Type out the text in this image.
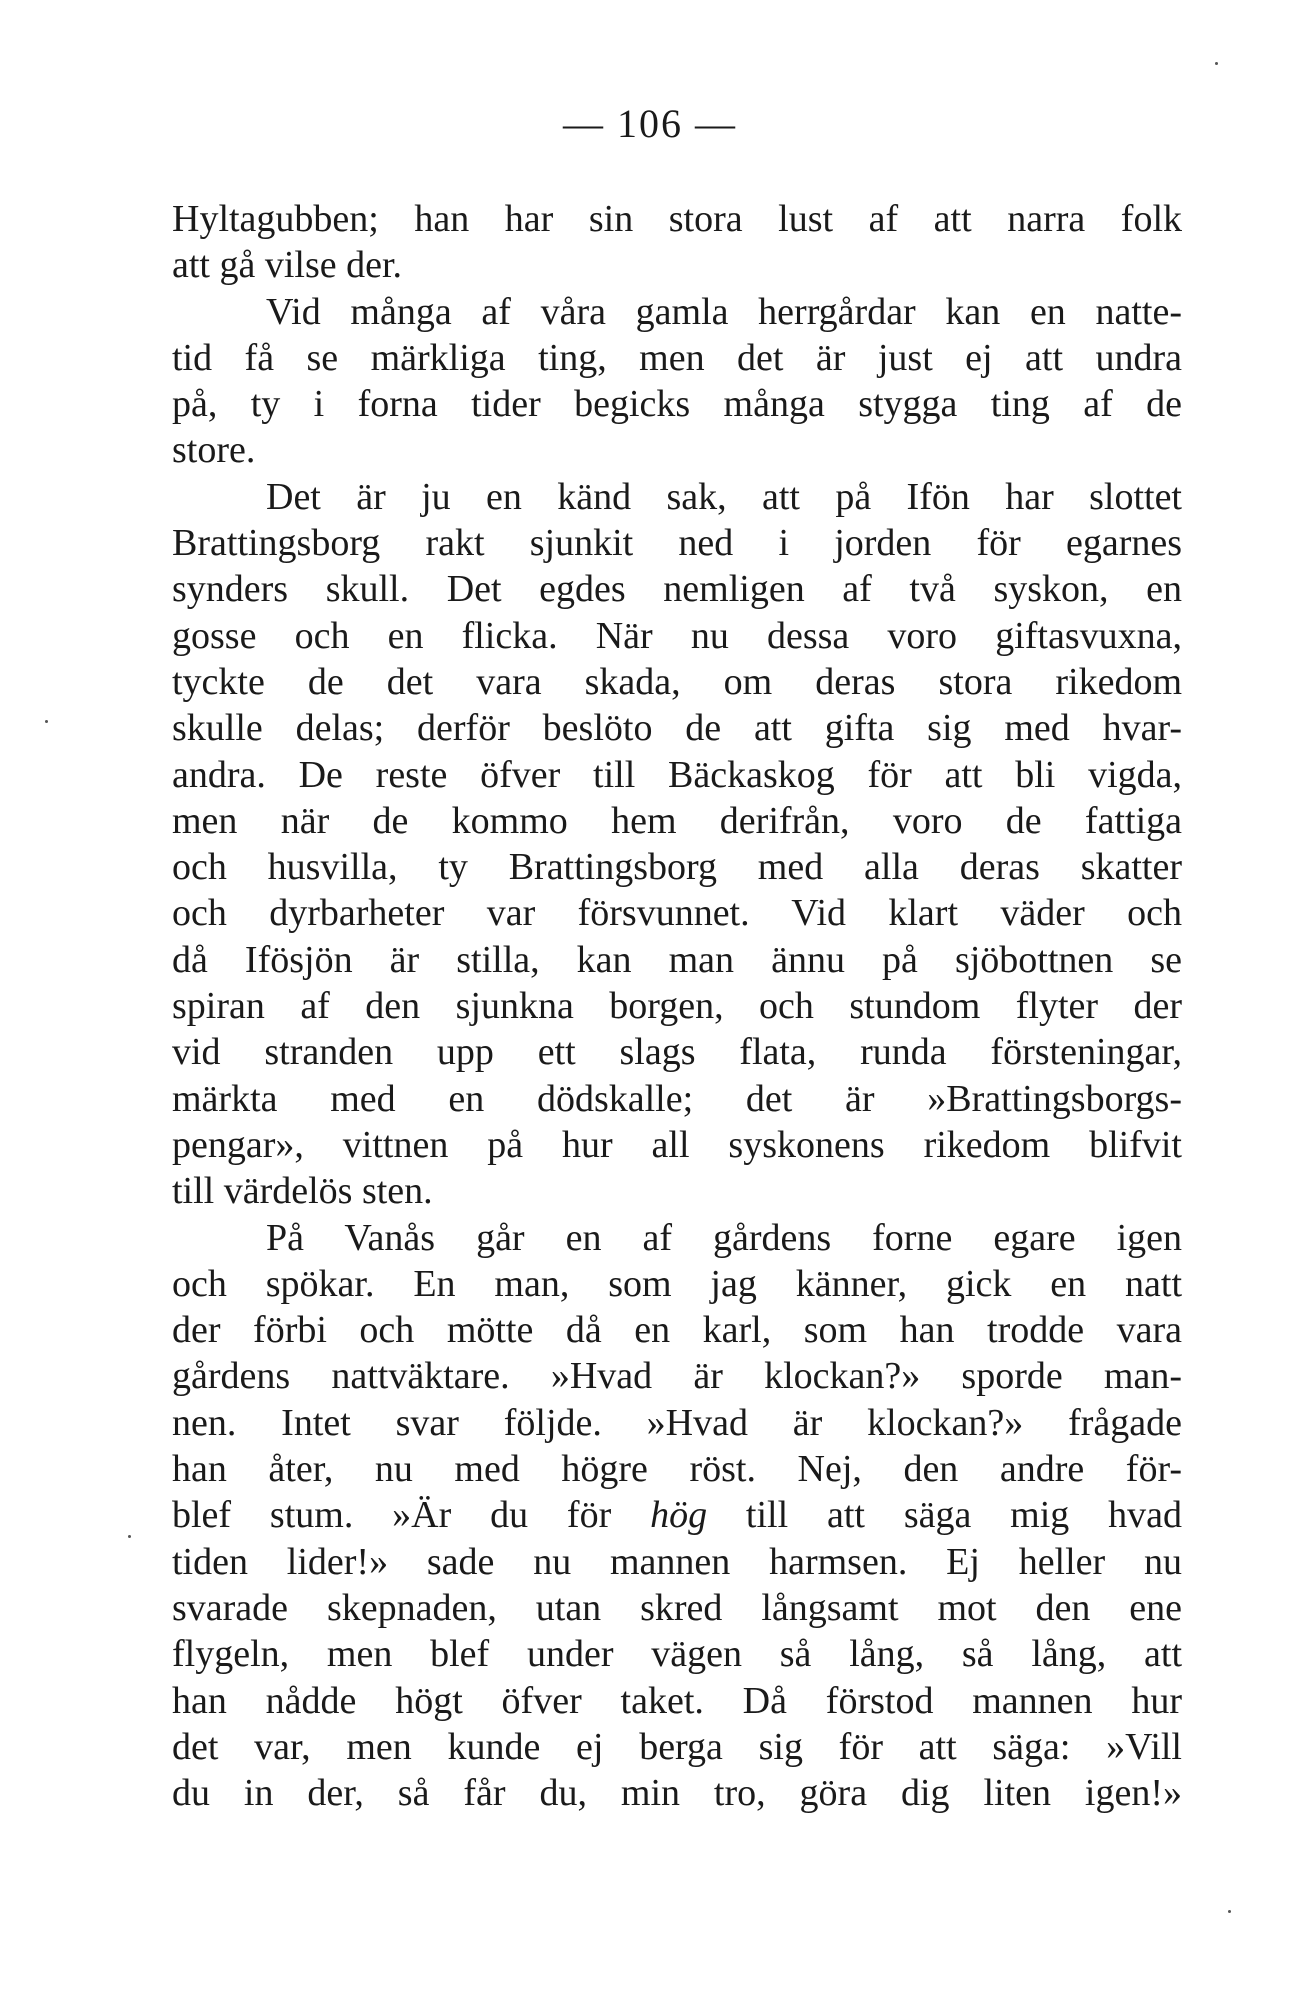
— 106 —
Hyltagubben; han har sin stora lust af att narra folk
att gå vilse der.
Vid många af våra gamla herrgårdar kan en natte-
tid få se märkliga ting, men det är just ej att undra
på, ty i forna tider begicks många stygga ting af de
store.
Det är ju en känd sak, att på Ifön har slottet
Brattingsborg rakt sjunkit ned i jorden för egarnes
synders skull. Det egdes nemligen af två syskon, en
gosse och en flicka. När nu dessa voro giftasvuxna,
tyckte de det vara skada, om deras stora rikedom
skulle delas; derför beslöto de att gifta sig med hvar-
andra. De reste öfver till Bäckaskog för att bli vigda,
men när de kommo hem derifrån, voro de fattiga
och husvilla, ty Brattingsborg med alla deras skatter
och dyrbarheter var försvunnet. Vid klart väder och
då Ifösjön är stilla, kan man ännu på sjöbottnen se
spiran af den sjunkna borgen, och stundom flyter der
vid stranden upp ett slags flata, runda försteningar,
märkta med en dödskalle; det är »Brattingsborgs-
pengar», vittnen på hur all syskonens rikedom blifvit
till värdelös sten.
På Vanås går en af gårdens forne egare igen
och spökar. En man, som jag känner, gick en natt
der förbi och mötte då en karl, som han trodde vara
gårdens nattväktare. »Hvad är klockan?» sporde man-
nen. Intet svar följde. »Hvad är klockan?» frågade
han åter, nu med högre röst. Nej, den andre för-
blef stum. »Är du för hög till att säga mig hvad
tiden lider!» sade nu mannen harmsen. Ej heller nu
svarade skepnaden, utan skred långsamt mot den ene
flygeln, men blef under vägen så lång, så lång, att
han nådde högt öfver taket. Då förstod mannen hur
det var, men kunde ej berga sig för att säga: »Vill
du in der, så får du, min tro, göra dig liten igen!»
